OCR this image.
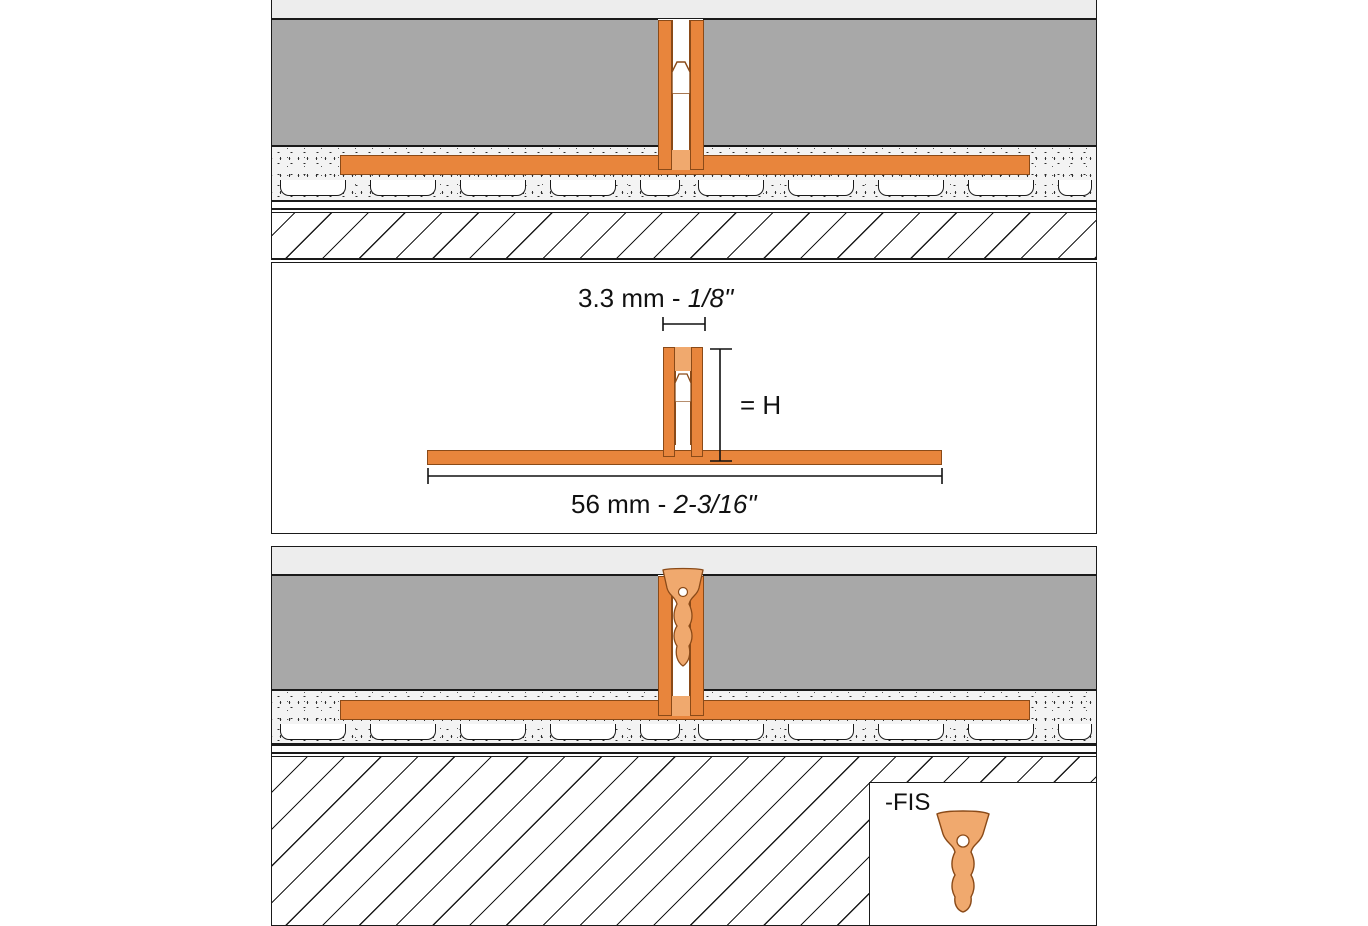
3.3 mm - 1/8"
= H
56 mm - 2-3/16"
-FIS
